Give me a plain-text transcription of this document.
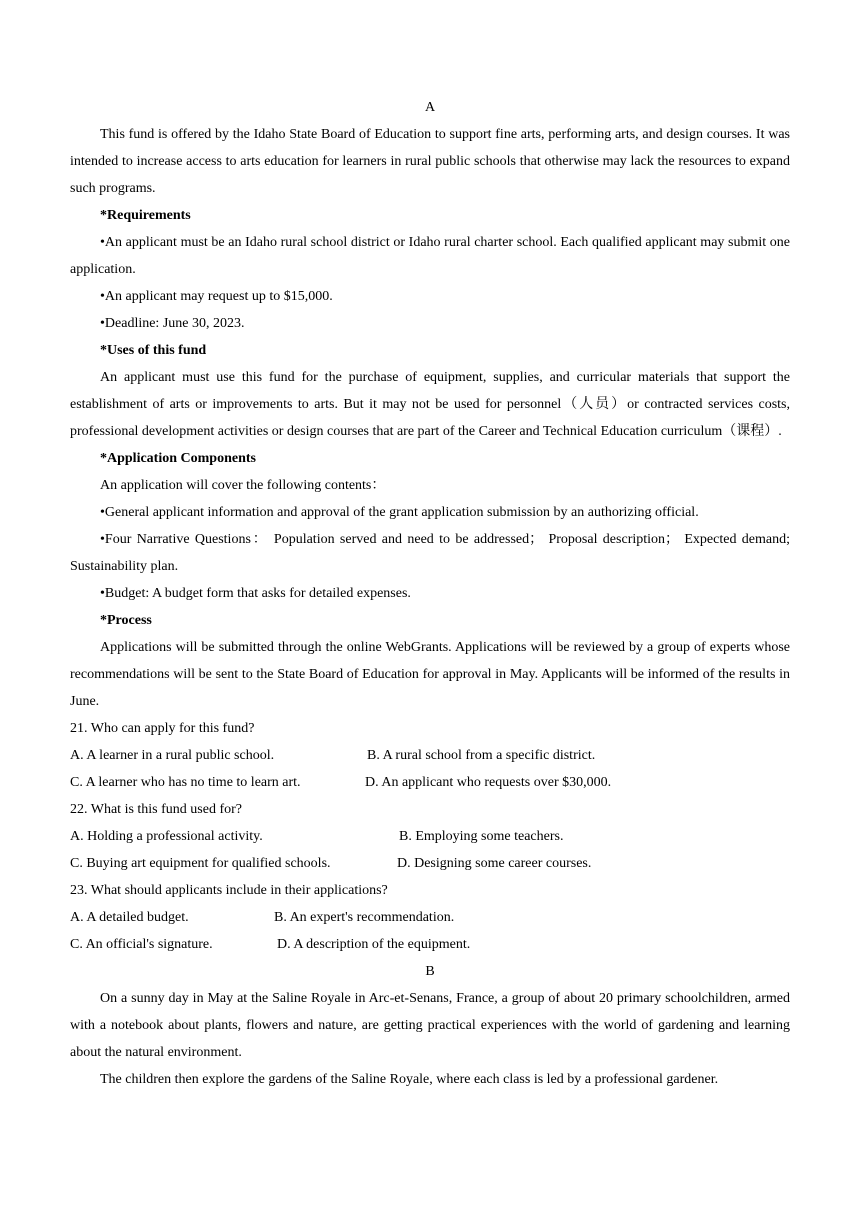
A

This fund is offered by the Idaho State Board of Education to support fine arts, performing arts, and design courses. It was intended to increase access to arts education for learners in rural public schools that otherwise may lack the resources to expand such programs.

*Requirements

•An applicant must be an Idaho rural school district or Idaho rural charter school. Each qualified applicant may submit one application.

•An applicant may request up to $15,000.

•Deadline: June 30, 2023.

*Uses of this fund

An applicant must use this fund for the purchase of equipment, supplies, and curricular materials that support the establishment of arts or improvements to arts. But it may not be used for personnel（人员）or contracted services costs, professional development activities or design courses that are part of the Career and Technical Education curriculum（课程）.

*Application Components

An application will cover the following contents：

•General applicant information and approval of the grant application submission by an authorizing official.

•Four Narrative Questions： Population served and need to be addressed； Proposal description； Expected demand; Sustainability plan.

•Budget: A budget form that asks for detailed expenses.

*Process

Applications will be submitted through the online WebGrants. Applications will be reviewed by a group of experts whose recommendations will be sent to the State Board of Education for approval in May. Applicants will be informed of the results in June.

21. Who can apply for this fund?

A. A learner in a rural public school.	B. A rural school from a specific district.
C. A learner who has no time to learn art.	D. An applicant who requests over $30,000.

22. What is this fund used for?

A. Holding a professional activity.	B. Employing some teachers.
C. Buying art equipment for qualified schools.	D. Designing some career courses.

23. What should applicants include in their applications?

A. A detailed budget.	B. An expert's recommendation.
C. An official's signature.	D. A description of the equipment.
B

On a sunny day in May at the Saline Royale in Arc-et-Senans, France, a group of about 20 primary schoolchildren, armed with a notebook about plants, flowers and nature, are getting practical experiences with the world of gardening and learning about the natural environment.

The children then explore the gardens of the Saline Royale, where each class is led by a professional gardener.
